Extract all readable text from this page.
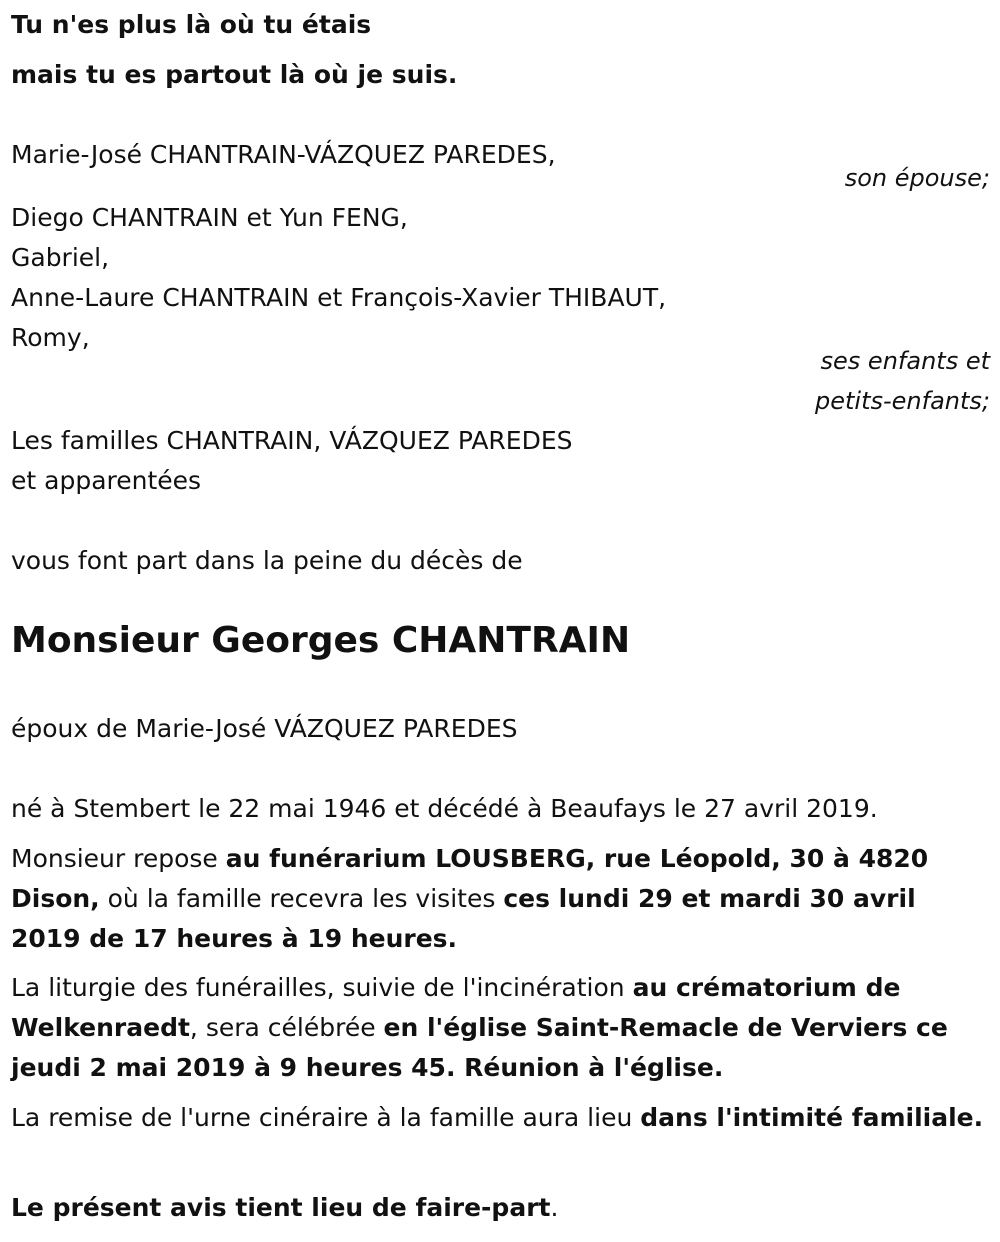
Tu n'es plus là où tu étais

mais tu es partout là où je suis.

Marie-José CHANTRAIN-VÁZQUEZ PAREDES,

son épouse;

Diego CHANTRAIN et Yun FENG,

Gabriel,

Anne-Laure CHANTRAIN et François-Xavier THIBAUT,

Romy,

ses enfants et

petits-enfants;

Les familles CHANTRAIN, VÁZQUEZ PAREDES

et apparentées

vous font part dans la peine du décès de

Monsieur Georges CHANTRAIN

époux de Marie-José VÁZQUEZ PAREDES

né à Stembert le 22 mai 1946 et décédé à Beaufays le 27 avril 2019.

Monsieur repose au funérarium LOUSBERG, rue Léopold, 30 à 4820 Dison, où la famille recevra les visites ces lundi 29 et mardi 30 avril 2019 de 17 heures à 19 heures.

La liturgie des funérailles, suivie de l'incinération au crématorium de Welkenraedt, sera célébrée en l'église Saint-Remacle de Verviers ce jeudi 2 mai 2019 à 9 heures 45. Réunion à l'église.

La remise de l'urne cinéraire à la famille aura lieu dans l'intimité familiale.

Le présent avis tient lieu de faire-part.
